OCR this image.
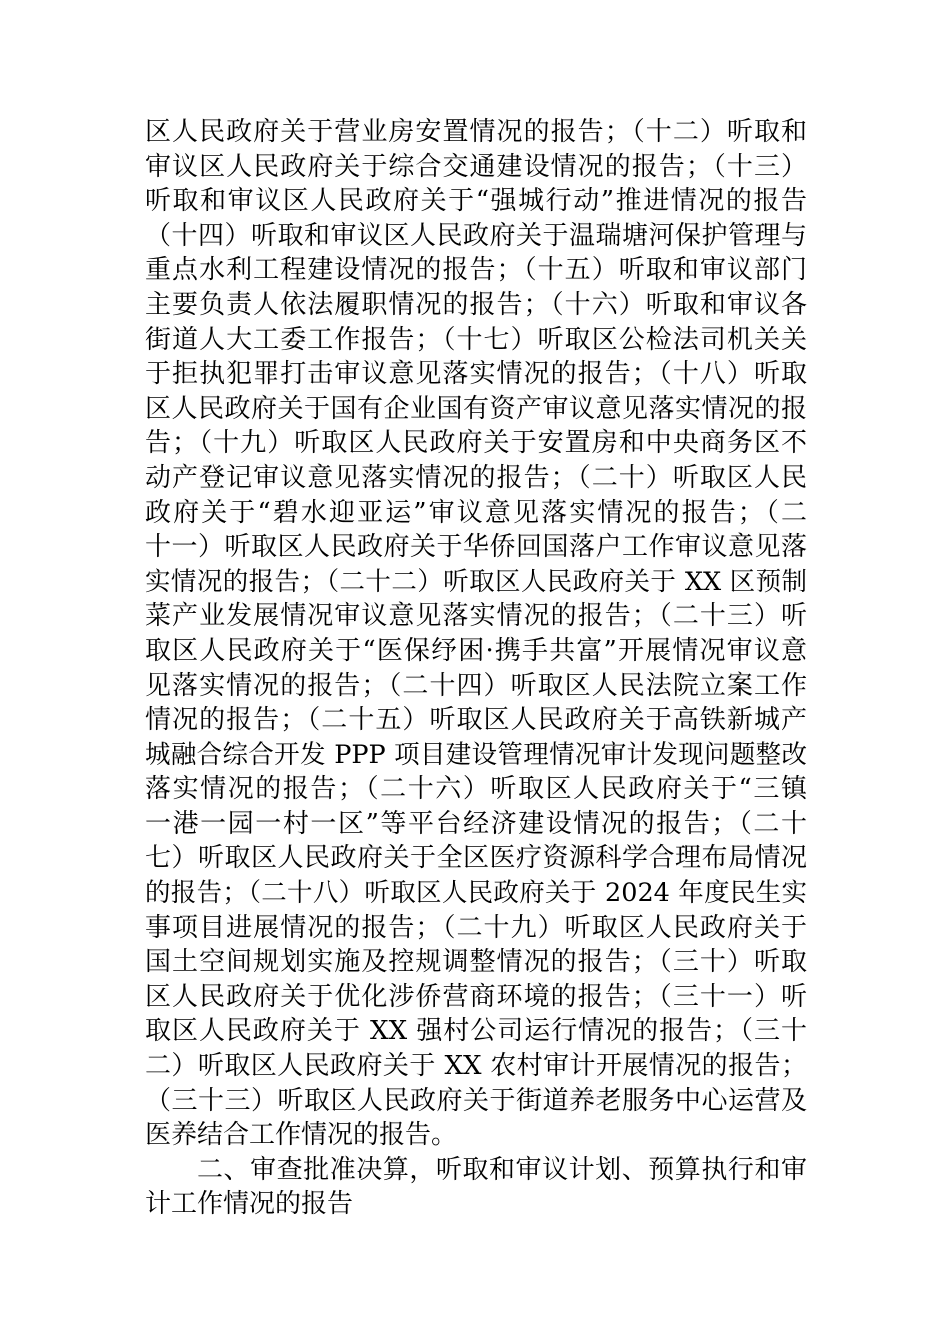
区人民政府关于营业房安置情况的报告；（十二）听取和
审议区人民政府关于综合交通建设情况的报告；（十三）
听取和审议区人民政府关于“强城行动”推进情况的报告
（十四）听取和审议区人民政府关于温瑞塘河保护管理与
重点水利工程建设情况的报告；（十五）听取和审议部门
主要负责人依法履职情况的报告；（十六）听取和审议各
街道人大工委工作报告；（十七）听取区公检法司机关关
于拒执犯罪打击审议意见落实情况的报告；（十八）听取
区人民政府关于国有企业国有资产审议意见落实情况的报
告；（十九）听取区人民政府关于安置房和中央商务区不
动产登记审议意见落实情况的报告；（二十）听取区人民
政府关于“碧水迎亚运”审议意见落实情况的报告；（二
十一）听取区人民政府关于华侨回国落户工作审议意见落
实情况的报告；（二十二）听取区人民政府关于 XX 区预制
菜产业发展情况审议意见落实情况的报告；（二十三）听
取区人民政府关于“医保纾困·携手共富”开展情况审议意
见落实情况的报告；（二十四）听取区人民法院立案工作
情况的报告；（二十五）听取区人民政府关于高铁新城产
城融合综合开发 PPP 项目建设管理情况审计发现问题整改
落实情况的报告；（二十六）听取区人民政府关于“三镇
一港一园一村一区”等平台经济建设情况的报告；（二十
七）听取区人民政府关于全区医疗资源科学合理布局情况
的报告；（二十八）听取区人民政府关于 2024 年度民生实
事项目进展情况的报告；（二十九）听取区人民政府关于
国土空间规划实施及控规调整情况的报告；（三十）听取
区人民政府关于优化涉侨营商环境的报告；（三十一）听
取区人民政府关于 XX 强村公司运行情况的报告；（三十
二）听取区人民政府关于 XX 农村审计开展情况的报告；
（三十三）听取区人民政府关于街道养老服务中心运营及
医养结合工作情况的报告。
二、审查批准决算，听取和审议计划、预算执行和审
计工作情况的报告
